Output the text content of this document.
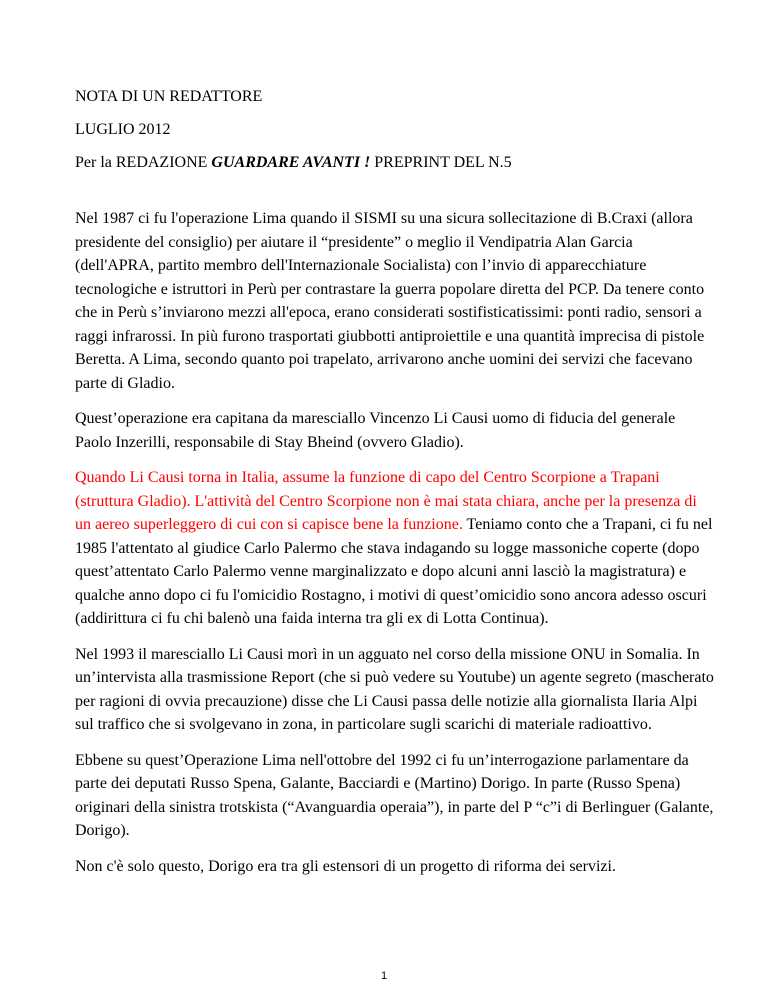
NOTA DI UN REDATTORE
LUGLIO 2012
Per la REDAZIONE GUARDARE AVANTI ! PREPRINT DEL N.5

Nel 1987 ci fu l'operazione Lima quando il SISMI su una sicura sollecitazione di B.Craxi (allora presidente del consiglio) per aiutare il “presidente” o meglio il Vendipatria Alan Garcia (dell'APRA, partito membro dell'Internazionale Socialista) con l’invio di apparecchiature tecnologiche e istruttori in Perù per contrastare la guerra popolare diretta del PCP. Da tenere conto che in Perù s’inviarono mezzi all'epoca, erano considerati sostifisticatissimi: ponti radio, sensori a raggi infrarossi. In più furono trasportati giubbotti antiproiettile e una quantità imprecisa di pistole Beretta. A Lima, secondo quanto poi trapelato, arrivarono anche uomini dei servizi che facevano parte di Gladio.

Quest’operazione era capitana da maresciallo Vincenzo Li Causi uomo di fiducia del generale Paolo Inzerilli, responsabile di Stay Bheind (ovvero Gladio).

Quando Li Causi torna in Italia, assume la funzione di capo del Centro Scorpione a Trapani (struttura Gladio). L'attività del Centro Scorpione non è mai stata chiara, anche per la presenza di un aereo superleggero di cui con si capisce bene la funzione. Teniamo conto che a Trapani, ci fu nel 1985 l'attentato al giudice Carlo Palermo che stava indagando su logge massoniche coperte (dopo quest’attentato Carlo Palermo venne marginalizzato e dopo alcuni anni lasciò la magistratura) e qualche anno dopo ci fu l'omicidio Rostagno, i motivi di quest’omicidio sono ancora adesso oscuri (addirittura ci fu chi balenò una faida interna tra gli ex di Lotta Continua).

Nel 1993 il maresciallo Li Causi morì in un agguato nel corso della missione ONU in Somalia. In un’intervista alla trasmissione Report (che si può vedere su Youtube) un agente segreto (mascherato per ragioni di ovvia precauzione) disse che Li Causi passa delle notizie alla giornalista Ilaria Alpi sul traffico che si svolgevano in zona, in particolare sugli scarichi di materiale radioattivo.

Ebbene su quest’Operazione Lima nell'ottobre del 1992 ci fu un’interrogazione parlamentare da parte dei deputati Russo Spena, Galante, Bacciardi e (Martino) Dorigo. In parte (Russo Spena) originari della sinistra trotskista (“Avanguardia operaia”), in parte del P “c”i di Berlinguer (Galante, Dorigo).

Non c'è solo questo, Dorigo era tra gli estensori di un progetto di riforma dei servizi.

1
